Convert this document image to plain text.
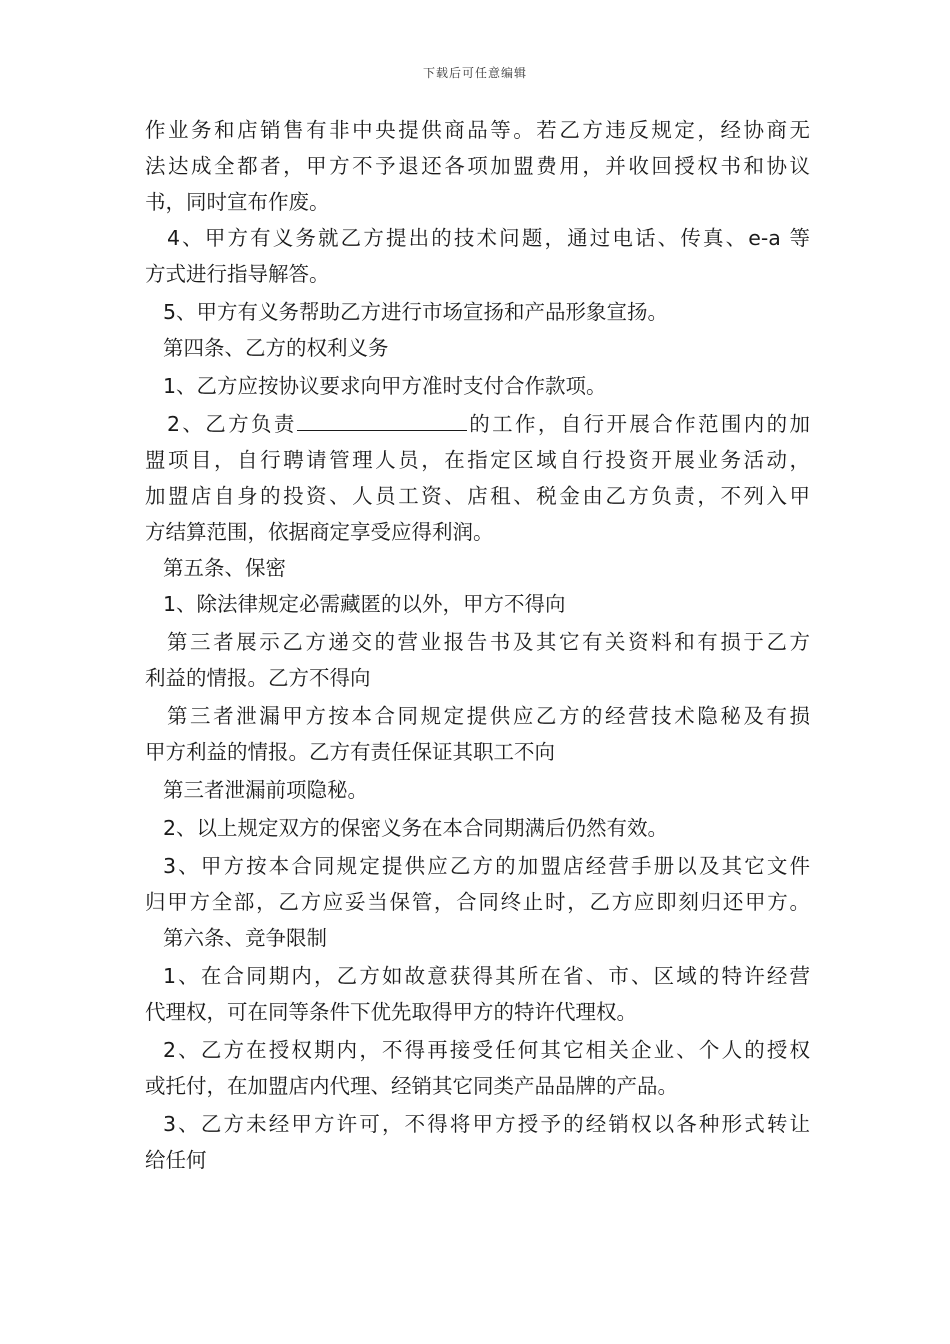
下载后可任意编辑
作业务和店销售有非中央提供商品等。若乙方违反规定，经协商无
法达成全都者，甲方不予退还各项加盟费用，并收回授权书和协议
书，同时宣布作废。
4、甲方有义务就乙方提出的技术问题，通过电话、传真、e-a 等
方式进行指导解答。
5、甲方有义务帮助乙方进行市场宣扬和产品形象宣扬。
第四条、乙方的权利义务
1、乙方应按协议要求向甲方准时支付合作款项。
2、乙方负责	的工作，自行开展合作范围内的加
盟项目，自行聘请管理人员，在指定区域自行投资开展业务活动，
加盟店自身的投资、人员工资、店租、税金由乙方负责，不列入甲
方结算范围，依据商定享受应得利润。
第五条、保密
1、除法律规定必需藏匿的以外，甲方不得向
第三者展示乙方递交的营业报告书及其它有关资料和有损于乙方
利益的情报。乙方不得向
第三者泄漏甲方按本合同规定提供应乙方的经营技术隐秘及有损
甲方利益的情报。乙方有责任保证其职工不向
第三者泄漏前项隐秘。
2、以上规定双方的保密义务在本合同期满后仍然有效。
3、甲方按本合同规定提供应乙方的加盟店经营手册以及其它文件
归甲方全部，乙方应妥当保管，合同终止时，乙方应即刻归还甲方。
第六条、竞争限制
1、在合同期内，乙方如故意获得其所在省、市、区域的特许经营
代理权，可在同等条件下优先取得甲方的特许代理权。
2、乙方在授权期内，不得再接受任何其它相关企业、个人的授权
或托付，在加盟店内代理、经销其它同类产品品牌的产品。
3、乙方未经甲方许可，不得将甲方授予的经销权以各种形式转让
给任何
